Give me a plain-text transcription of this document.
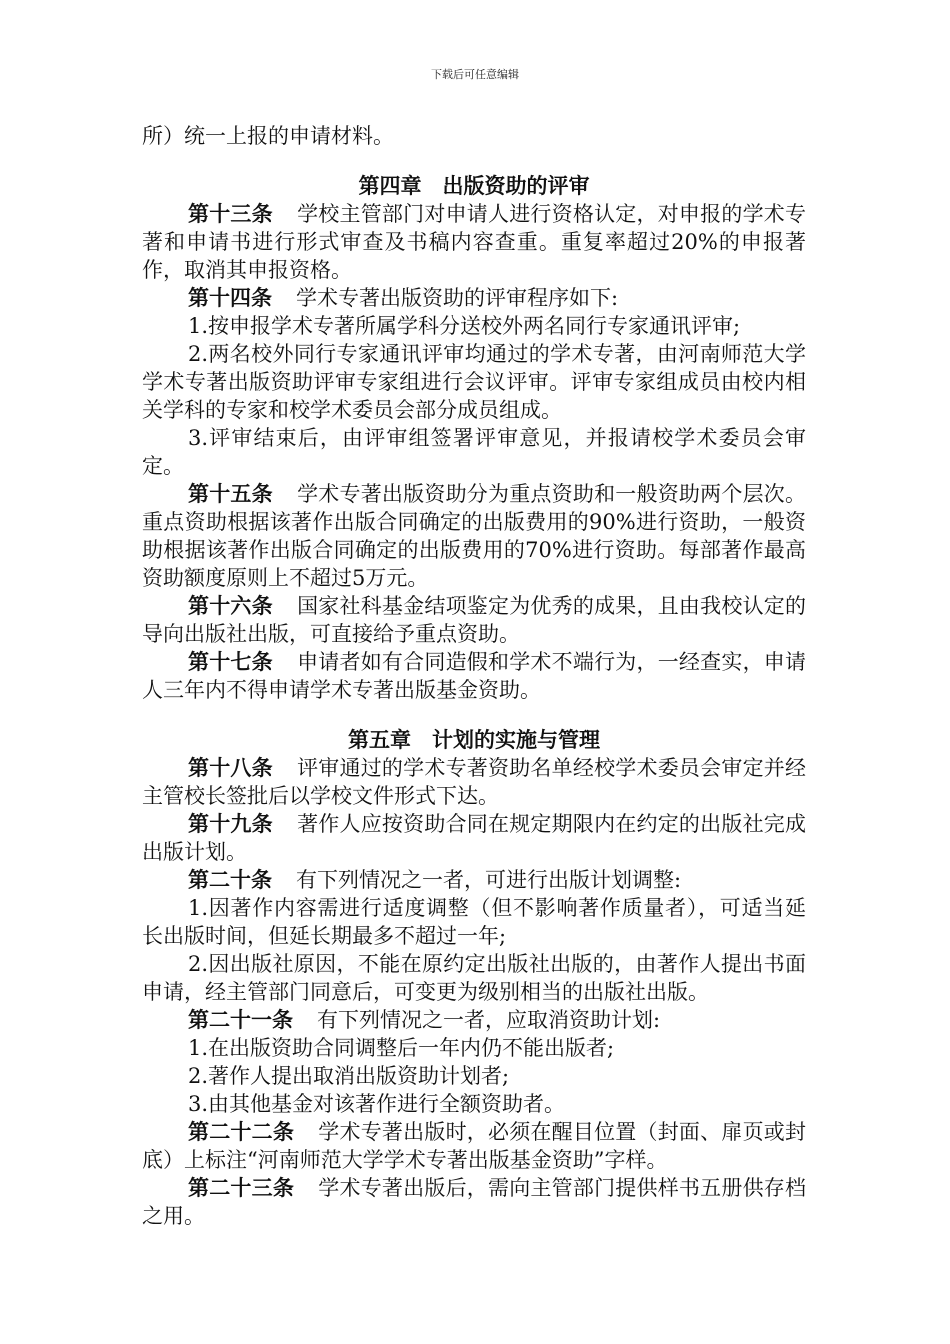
下载后可任意编辑

所）统一上报的申请材料。

第四章　出版资助的评审

第十三条 学校主管部门对申请人进行资格认定，对申报的学术专著和申请书进行形式审查及书稿内容查重。重复率超过20%的申报著作，取消其申报资格。

第十四条 学术专著出版资助的评审程序如下:

1.按申报学术专著所属学科分送校外两名同行专家通讯评审;

2.两名校外同行专家通讯评审均通过的学术专著，由河南师范大学学术专著出版资助评审专家组进行会议评审。评审专家组成员由校内相关学科的专家和校学术委员会部分成员组成。

3.评审结束后，由评审组签署评审意见，并报请校学术委员会审定。

第十五条 学术专著出版资助分为重点资助和一般资助两个层次。重点资助根据该著作出版合同确定的出版费用的90%进行资助，一般资助根据该著作出版合同确定的出版费用的70%进行资助。每部著作最高资助额度原则上不超过5万元。

第十六条 国家社科基金结项鉴定为优秀的成果，且由我校认定的导向出版社出版，可直接给予重点资助。

第十七条 申请者如有合同造假和学术不端行为，一经查实，申请人三年内不得申请学术专著出版基金资助。

第五章　计划的实施与管理

第十八条 评审通过的学术专著资助名单经校学术委员会审定并经主管校长签批后以学校文件形式下达。

第十九条 著作人应按资助合同在规定期限内在约定的出版社完成出版计划。

第二十条 有下列情况之一者，可进行出版计划调整:

1.因著作内容需进行适度调整（但不影响著作质量者），可适当延长出版时间，但延长期最多不超过一年;

2.因出版社原因，不能在原约定出版社出版的，由著作人提出书面申请，经主管部门同意后，可变更为级别相当的出版社出版。

第二十一条 有下列情况之一者，应取消资助计划:

1.在出版资助合同调整后一年内仍不能出版者;

2.著作人提出取消出版资助计划者;

3.由其他基金对该著作进行全额资助者。

第二十二条 学术专著出版时，必须在醒目位置（封面、扉页或封底）上标注“河南师范大学学术专著出版基金资助”字样。

第二十三条 学术专著出版后，需向主管部门提供样书五册供存档之用。
